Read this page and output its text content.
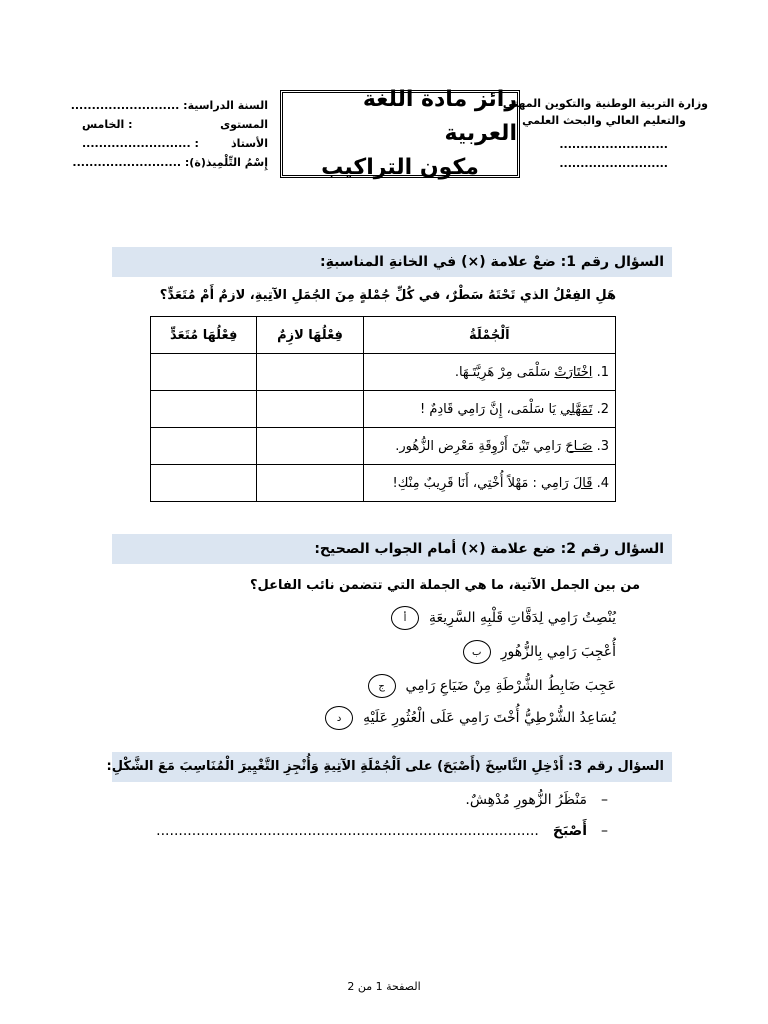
وزارة التربية الوطنية والتكوين المهني
والتعليم العالي والبحث العلمي
..........................
..........................
رائز مادة اللغة العربية
مكون التراكيب
السنة الدراسية
: ..........................
المستوى
: الخامس
الأستاذ
: ..........................
إِسْمُ التِّلْمِيذ(ة)
: ..........................
السؤال رقم 1: ضعْ علامة (×) في الخانةِ المناسبةِ:
هَلِ الفِعْلُ الذي تَحْتَهُ سَطْرٌ، في كُلِّ جُمْلةٍ مِنَ الجُمَلِ الآتِيةِ، لازمٌ أَمْ مُتَعَدٍّ؟
اَلْجُمْلَةُ	فِعْلُهَا لازِمٌ	فِعْلُهَا مُتَعَدٍّ
1. اِخْتَارَتْ سَلْمَى مِرْ هَرِيَّتَـهَا.		
2. تَمَهَّلِي يَا سَلْمَى، إِنَّ رَامِي قَادِمٌ !		
3. صَـاحَ رَامِي تَيْنَ أَرْوِقَةِ مَعْرِض الزُّهُور.		
4. قَالَ رَامِي : مَهْلاً أُخْتِي، أَنَا قَرِيبٌ مِنْكِ!		
السؤال رقم 2: ضع علامة (×) أمام الجواب الصحيح:
من بين الجمل الآتية، ما هي الجملة التي تتضمن نائب الفاعل؟
أ	يُنْصِتُ رَامِي لِدَقَّاتِ قَلْبِهِ السَّرِيعَةِ
ب	أُعْجِبَ رَامِي بِالزُّهُورِ
ج	عَجِبَ ضَابِطُ الشُّرْطَةِ مِنْ ضَيَاعِ رَامِي
د	يُسَاعِدُ الشُّرْطِيُّ أُخْتَ رَامِي عَلَى الْعُثُورِ عَلَيْهِ
السؤال رقم 3: أَدْخِلِ النَّاسِخَ (أَصْبَحَ) على اَلْجُمْلَةِ الآتِيةِ وَأُنْجِزِ التَّغْيِيرَ الْمُنَاسِبَ مَعَ الشَّكْلِ:
–
مَنْظَرُ الزُّهورِ مُدْهِشٌ.
–
أَصْبَحَ
......................................................................................
الصفحة 1 من 2
